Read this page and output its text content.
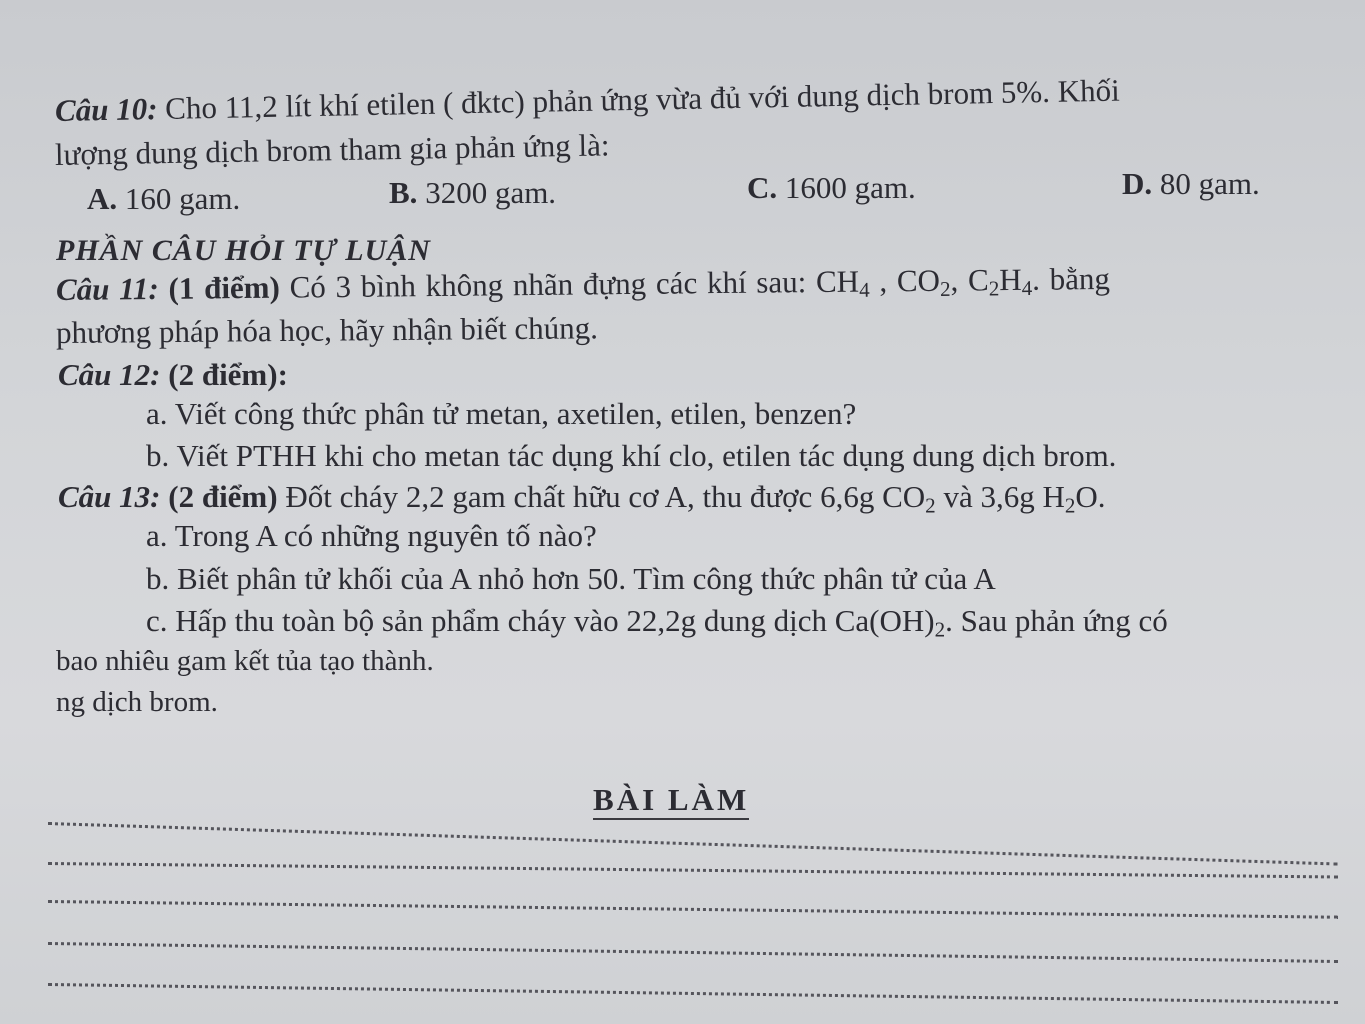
Câu 10: Cho 11,2 lít khí etilen ( đktc) phản ứng vừa đủ với dung dịch brom 5%. Khối
lượng dung dịch brom tham gia phản ứng là:
A. 160 gam.	B. 3200 gam.	C. 1600 gam.	D. 80 gam.
PHẦN CÂU HỎI TỰ LUẬN
Câu 11: (1 điểm) Có 3 bình không nhãn đựng các khí sau: $CH_4$ , $CO_2$, $C_2H_4$. bằng
phương pháp hóa học, hãy nhận biết chúng.
Câu 12: (2 điểm):
a. Viết công thức phân tử metan, axetilen, etilen, benzen?
b. Viết PTHH khi cho metan tác dụng khí clo, etilen tác dụng dung dịch brom.
Câu 13: (2 điểm) Đốt cháy 2,2 gam chất hữu cơ A, thu được 6,6g $CO_2$ và 3,6g $H_2O$.
a. Trong A có những nguyên tố nào?
b. Biết phân tử khối của A nhỏ hơn 50. Tìm công thức phân tử của A
c. Hấp thu toàn bộ sản phẩm cháy vào 22,2g dung dịch $Ca(OH)_2$. Sau phản ứng có
bao nhiêu gam kết tủa tạo thành.
ng dịch brom.
BÀI LÀM
